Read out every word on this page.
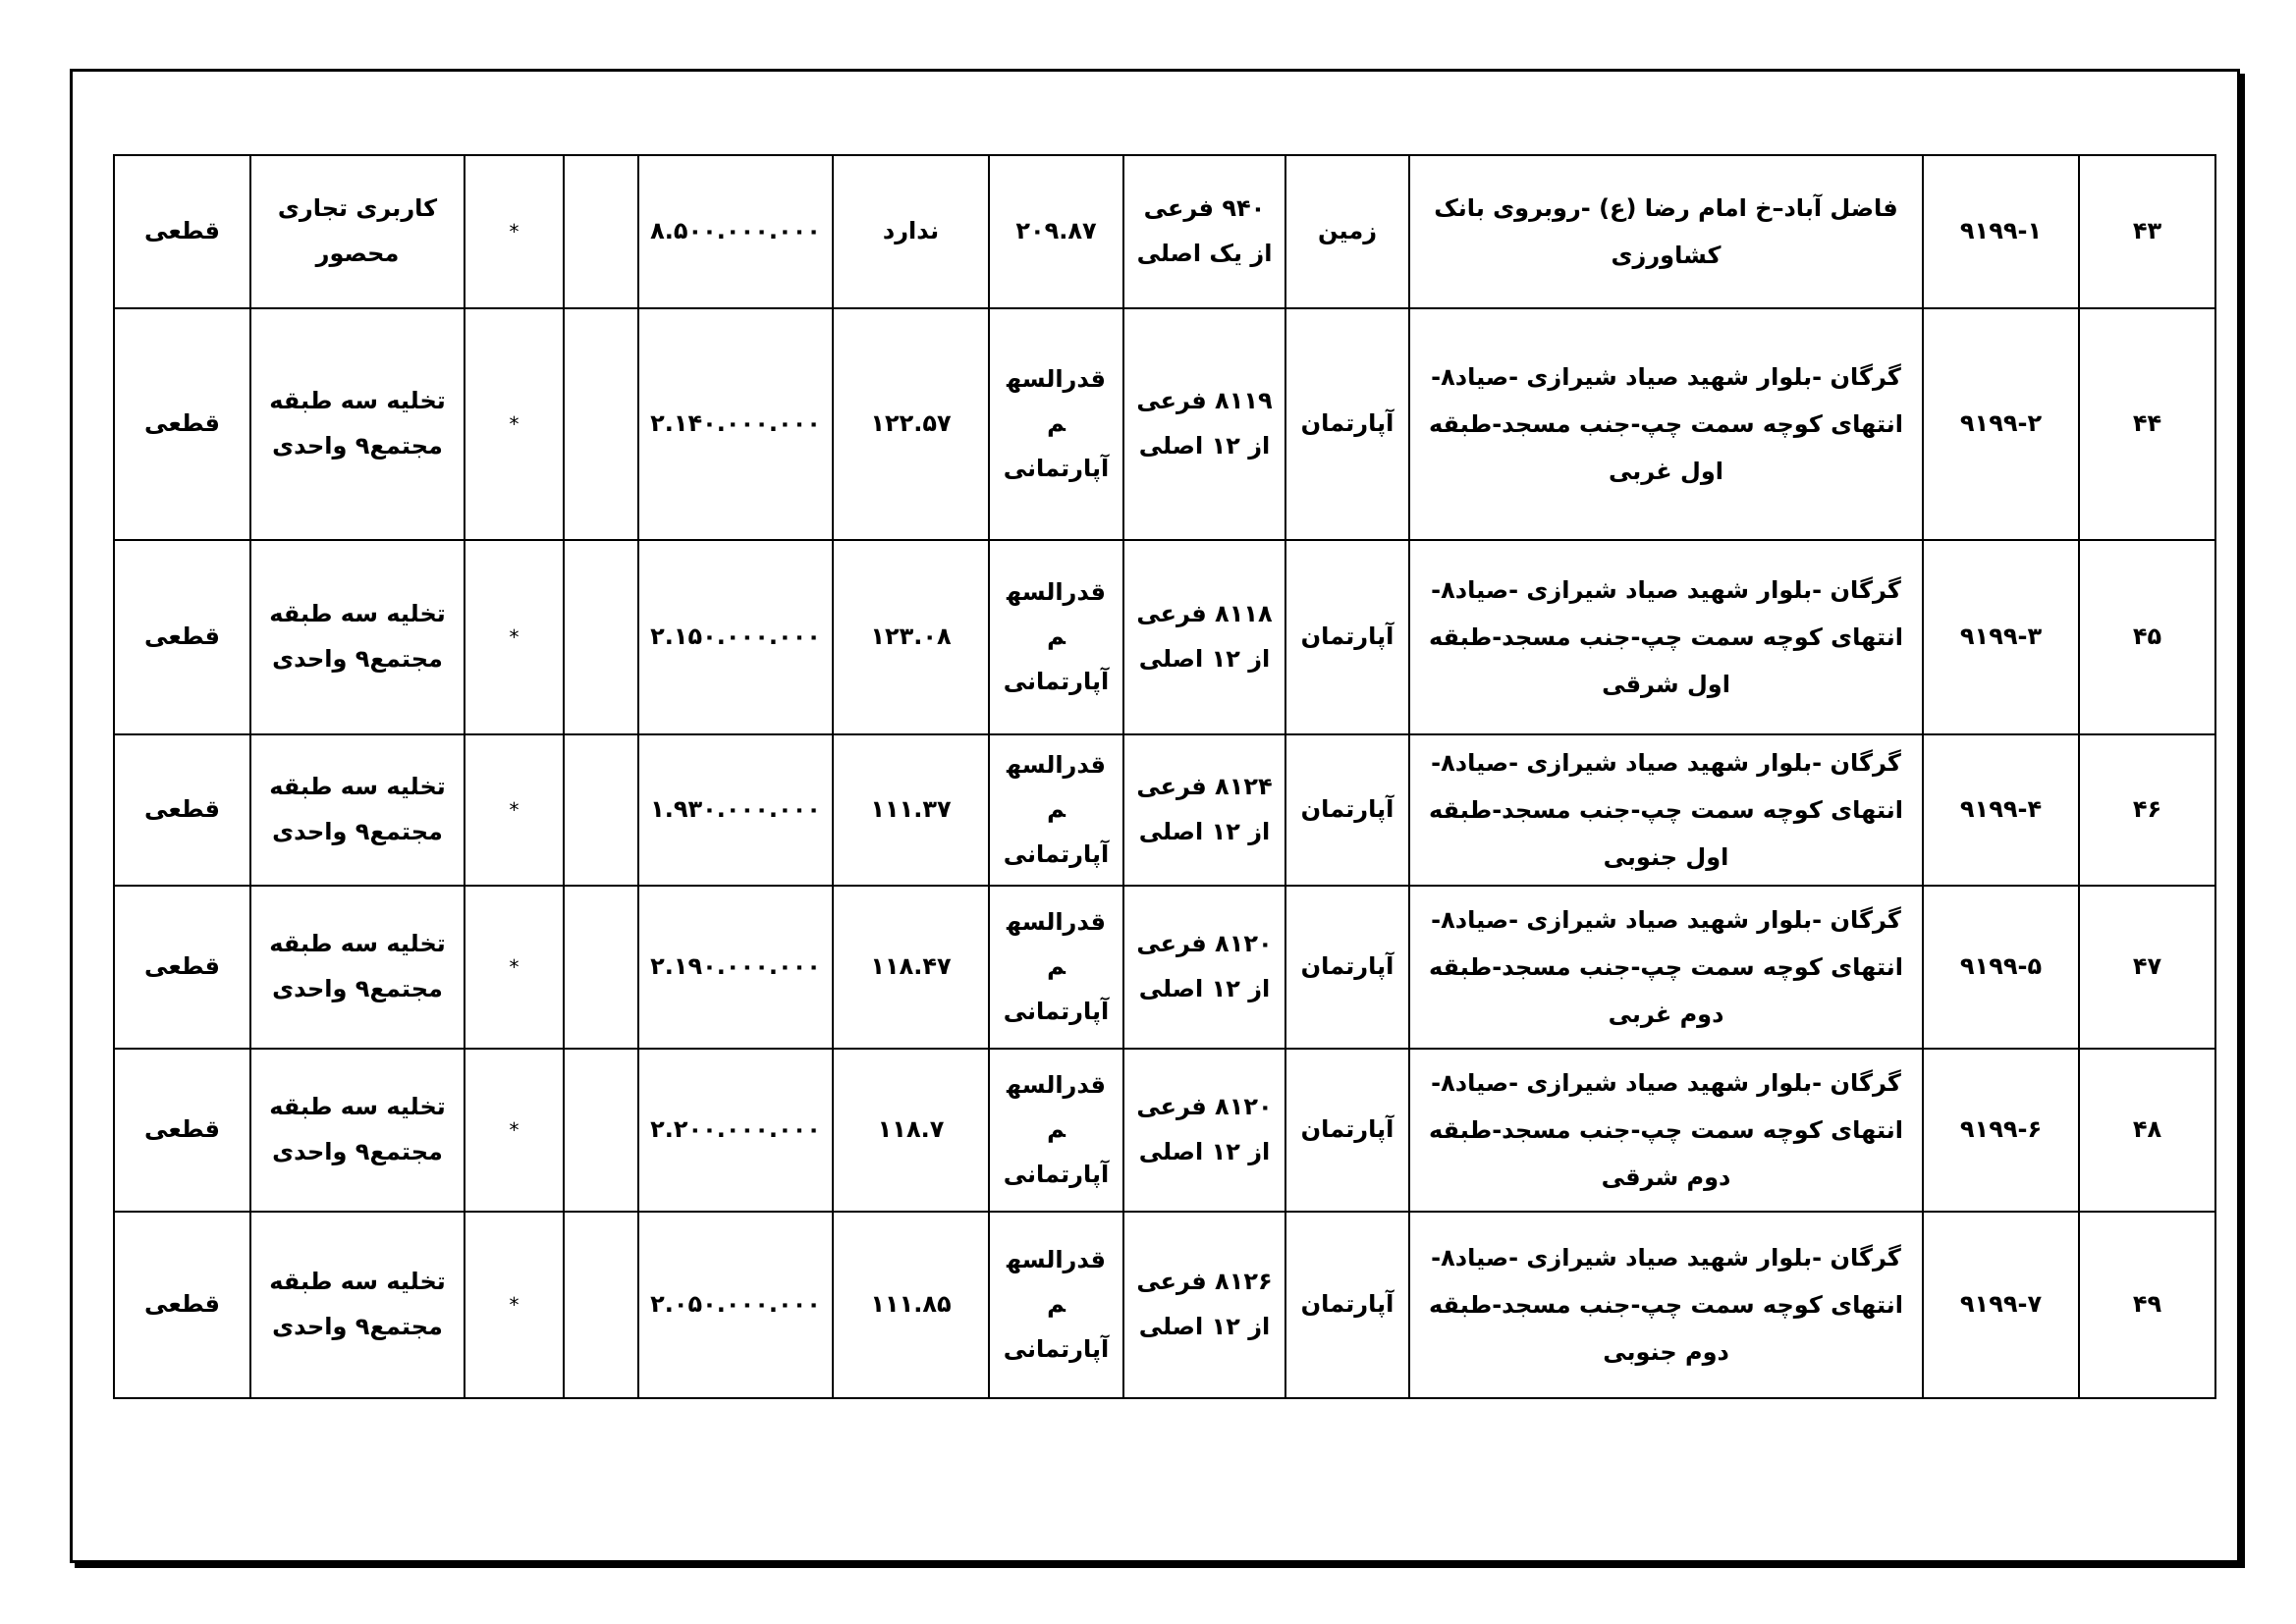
۴۳	۹۱۹۹-۱	فاضل آباد–خ امام رضا (ع) -روبروی بانک کشاورزی	زمین	۹۴۰ فرعی از یک اصلی	۲۰۹.۸۷	ندارد	۸.۵۰۰.۰۰۰.۰۰۰		*	کاربری تجاری محصور	قطعی
۴۴	۹۱۹۹-۲	گرگان -بلوار شهید صیاد شیرازی -صیاد۸- انتهای کوچه سمت چپ-جنب مسجد-طبقه اول غربی	آپارتمان	۸۱۱۹ فرعی از ۱۲ اصلی	قدرالسهم آپارتمانی	۱۲۲.۵۷	۲.۱۴۰.۰۰۰.۰۰۰		*	تخلیه سه طبقه مجتمع۹ واحدی	قطعی
۴۵	۹۱۹۹-۳	گرگان -بلوار شهید صیاد شیرازی -صیاد۸- انتهای کوچه سمت چپ-جنب مسجد-طبقه اول شرقی	آپارتمان	۸۱۱۸ فرعی از ۱۲ اصلی	قدرالسهم آپارتمانی	۱۲۳.۰۸	۲.۱۵۰.۰۰۰.۰۰۰		*	تخلیه سه طبقه مجتمع۹ واحدی	قطعی
۴۶	۹۱۹۹-۴	گرگان -بلوار شهید صیاد شیرازی -صیاد۸- انتهای کوچه سمت چپ-جنب مسجد-طبقه اول جنوبی	آپارتمان	۸۱۲۴ فرعی از ۱۲ اصلی	قدرالسهم آپارتمانی	۱۱۱.۳۷	۱.۹۳۰.۰۰۰.۰۰۰		*	تخلیه سه طبقه مجتمع۹ واحدی	قطعی
۴۷	۹۱۹۹-۵	گرگان -بلوار شهید صیاد شیرازی -صیاد۸- انتهای کوچه سمت چپ-جنب مسجد-طبقه دوم غربی	آپارتمان	۸۱۲۰ فرعی از ۱۲ اصلی	قدرالسهم آپارتمانی	۱۱۸.۴۷	۲.۱۹۰.۰۰۰.۰۰۰		*	تخلیه سه طبقه مجتمع۹ واحدی	قطعی
۴۸	۹۱۹۹-۶	گرگان -بلوار شهید صیاد شیرازی -صیاد۸- انتهای کوچه سمت چپ-جنب مسجد-طبقه دوم شرقی	آپارتمان	۸۱۲۰ فرعی از ۱۲ اصلی	قدرالسهم آپارتمانی	۱۱۸.۷	۲.۲۰۰.۰۰۰.۰۰۰		*	تخلیه سه طبقه مجتمع۹ واحدی	قطعی
۴۹	۹۱۹۹-۷	گرگان -بلوار شهید صیاد شیرازی -صیاد۸- انتهای کوچه سمت چپ-جنب مسجد-طبقه دوم جنوبی	آپارتمان	۸۱۲۶ فرعی از ۱۲ اصلی	قدرالسهم آپارتمانی	۱۱۱.۸۵	۲.۰۵۰.۰۰۰.۰۰۰		*	تخلیه سه طبقه مجتمع۹ واحدی	قطعی
